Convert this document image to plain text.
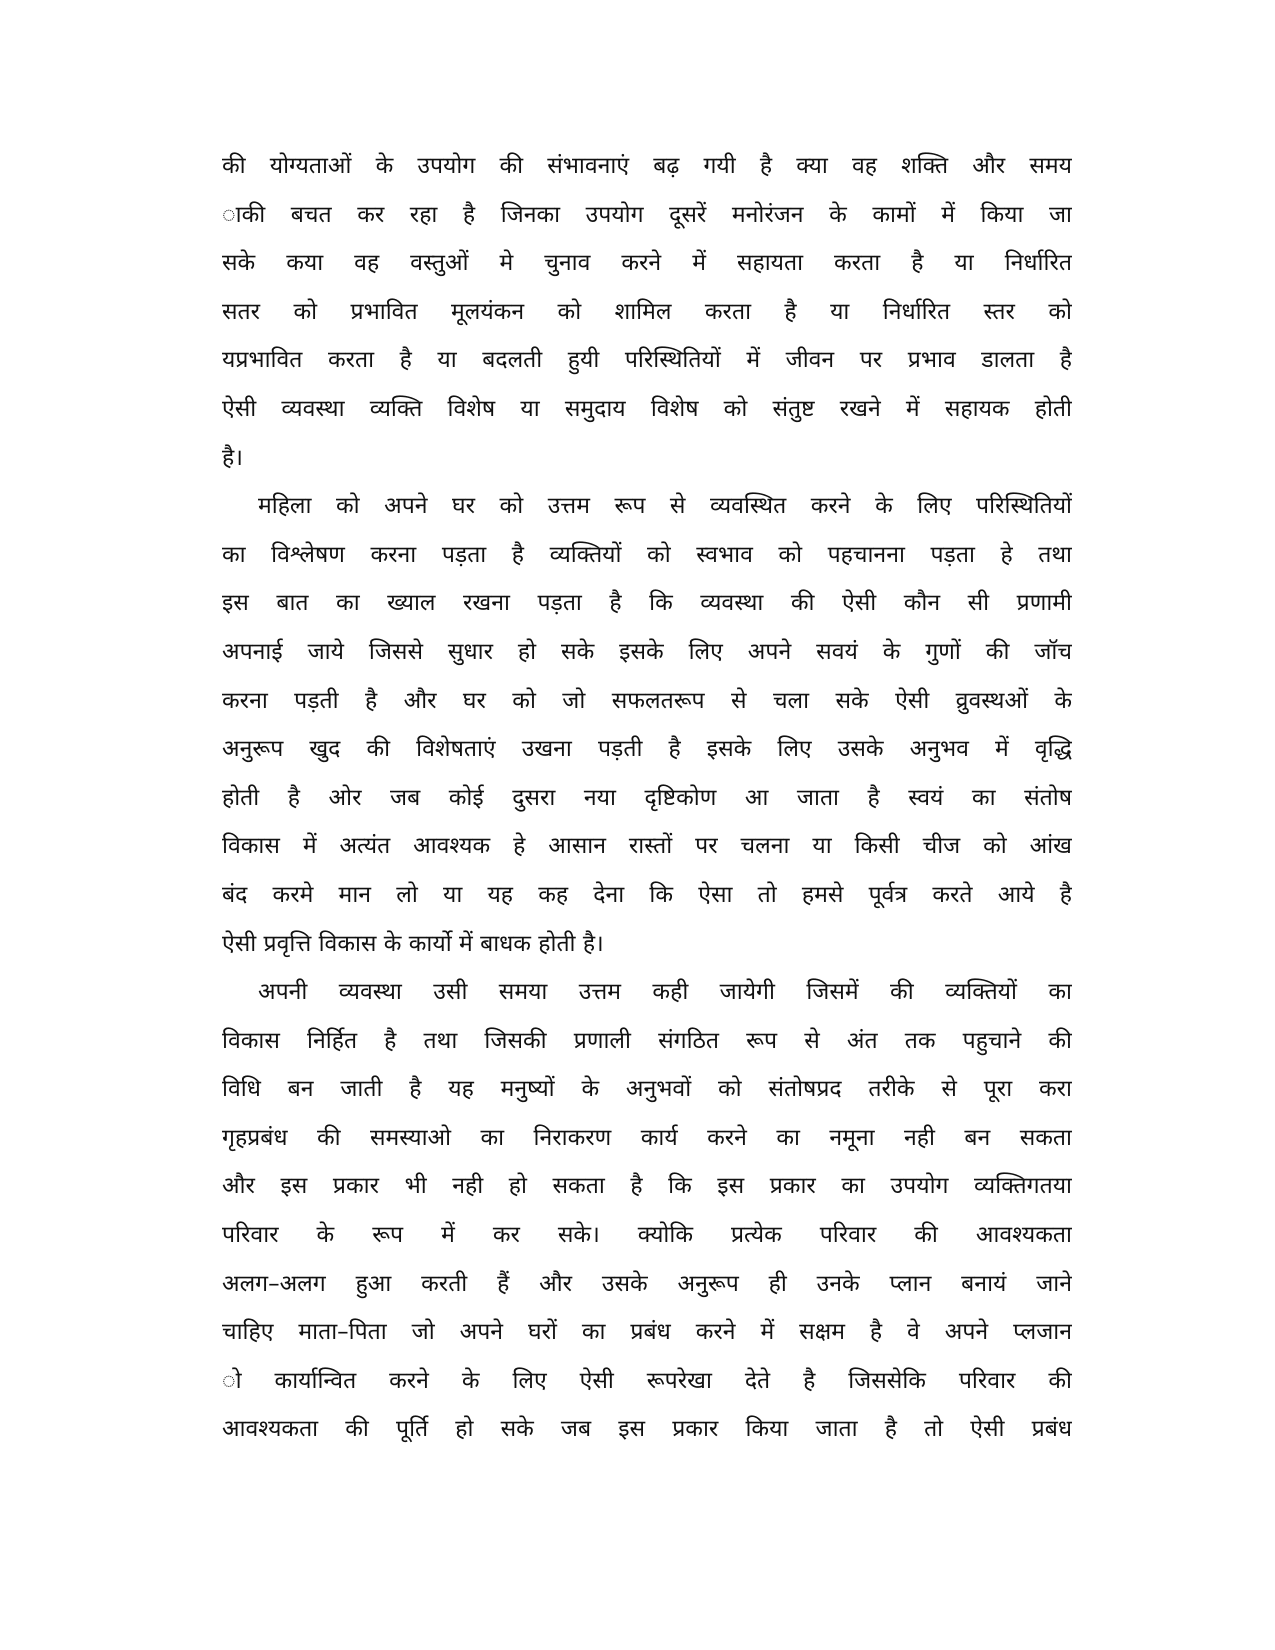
की योग्यताओं के उपयोग की संभावनाएं बढ़ गयी है क्या वह शक्ति और समय
ाकी बचत कर रहा है जिनका उपयोग दूसरें मनोरंजन के कामों में किया जा
सके कया वह वस्तुओं मे चुनाव करने में सहायता करता है या निर्धारित
सतर को प्रभावित मूलयंकन को शामिल करता है या निर्धारित स्तर को
यप्रभावित करता है या बदलती हुयी परिस्थितियों में जीवन पर प्रभाव डालता है
ऐसी व्यवस्था व्यक्ति विशेष या समुदाय विशेष को संतुष्ट रखने में सहायक होती
है।
महिला को अपने घर को उत्तम रूप से व्यवस्थित करने के लिए परिस्थितियों
का विश्लेषण करना पड़ता है व्यक्तियों को स्वभाव को पहचानना पड़ता हे तथा
इस बात का ख्याल रखना पड़ता है कि व्यवस्था की ऐसी कौन सी प्रणामी
अपनाई जाये जिससे सुधार हो सके इसके लिए अपने सवयं के गुणों की जॉच
करना पड़ती है और घर को जो सफलतरूप से चला सके ऐसी व्रुवस्थओं के
अनुरूप खुद की विशेषताएं उखना पड़ती है इसके लिए उसके अनुभव में वृद्धि
होती है ओर जब कोई दुसरा नया दृष्टिकोण आ जाता है स्वयं का संतोष
विकास में अत्यंत आवश्यक हे आसान रास्तों पर चलना या किसी चीज को आंख
बंद करमे मान लो या यह कह देना कि ऐसा तो हमसे पूर्वत्र करते आये है
ऐसी प्रवृत्ति विकास के कार्यो में बाधक होती है।
अपनी व्यवस्था उसी समया उत्तम कही जायेगी जिसमें की व्यक्तियों का
विकास निर्हित है तथा जिसकी प्रणाली संगठित रूप से अंत तक पहुचाने की
विधि बन जाती है यह मनुष्यों के अनुभवों को संतोषप्रद तरीके से पूरा करा
गृहप्रबंध की समस्याओ का निराकरण कार्य करने का नमूना नही बन सकता
और इस प्रकार भी नही हो सकता है कि इस प्रकार का उपयोग व्यक्तिगतया
परिवार के रूप में कर सके। क्योकि प्रत्येक परिवार की आवश्यकता
अलग–अलग हुआ करती हैं और उसके अनुरूप ही उनके प्लान बनायं जाने
चाहिए माता–पिता जो अपने घरों का प्रबंध करने में सक्षम है वे अपने प्लजान
ो कार्यान्वित करने के लिए ऐसी रूपरेखा देते है जिससेकि परिवार की
आवश्यकता की पूर्ति हो सके जब इस प्रकार किया जाता है तो ऐसी प्रबंध
